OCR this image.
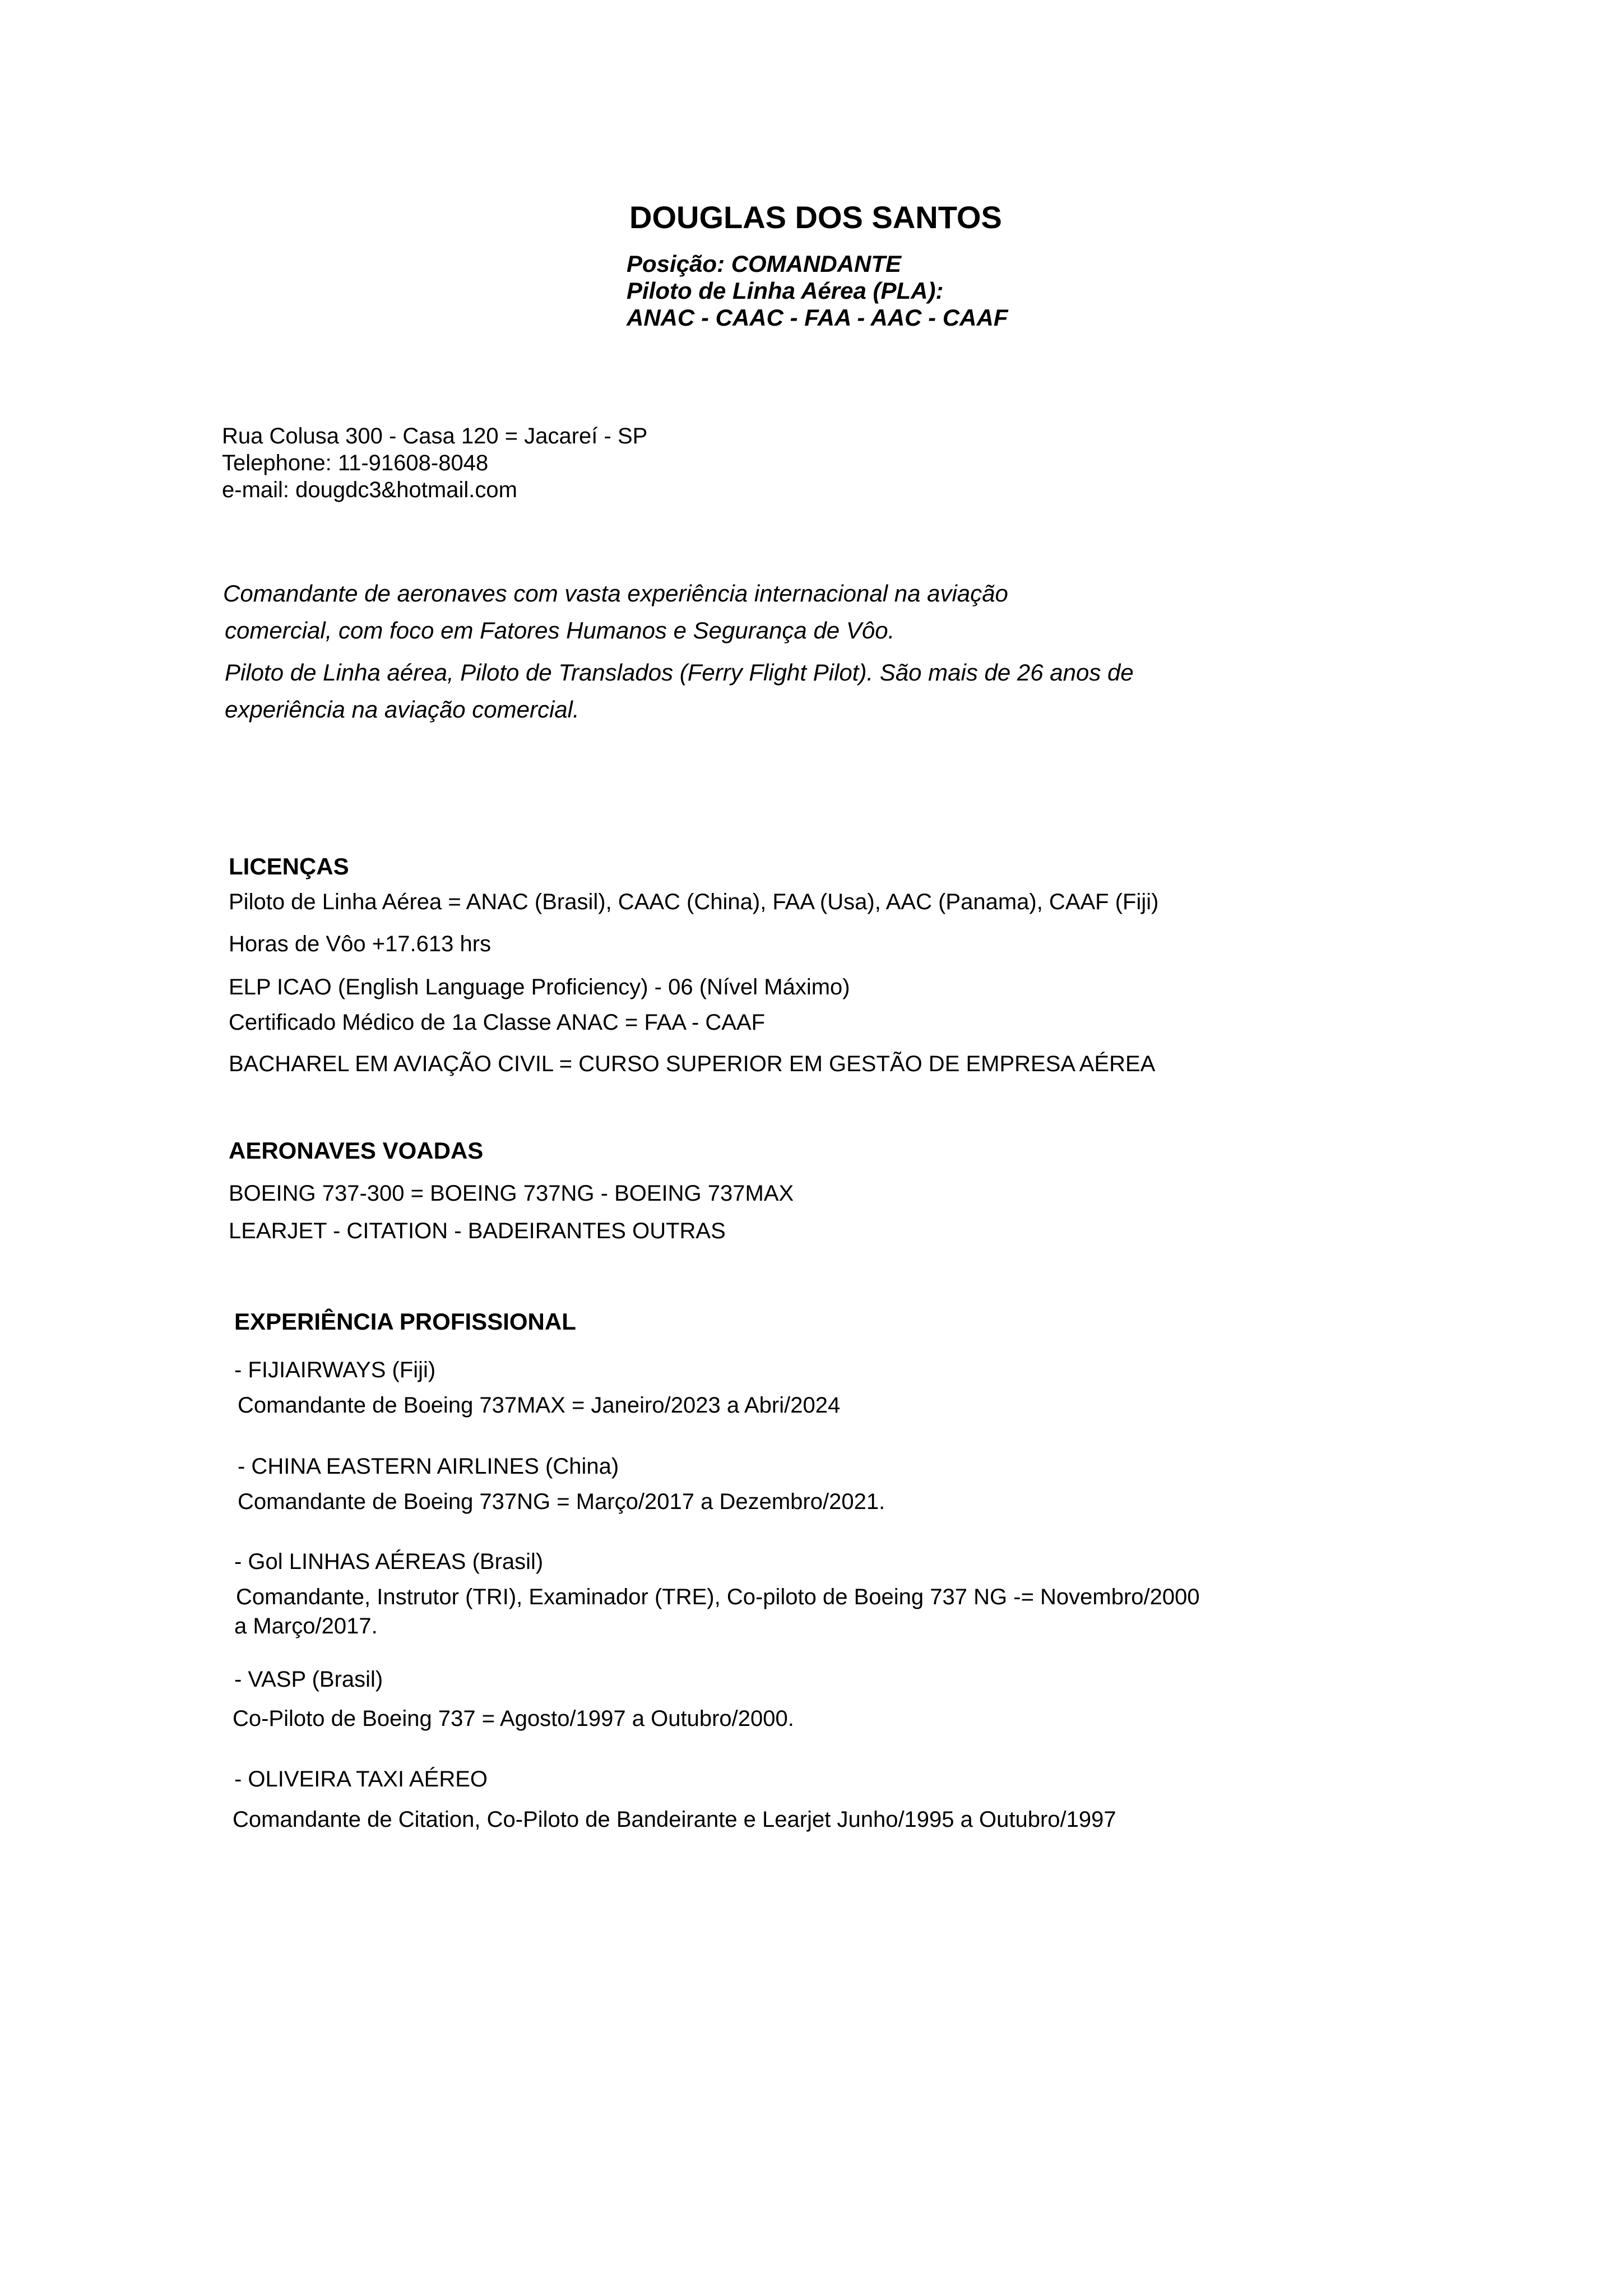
DOUGLAS DOS SANTOS
Posição: COMANDANTE
Piloto de Linha Aérea (PLA):
ANAC - CAAC - FAA - AAC - CAAF
Rua Colusa 300 - Casa 120 = Jacareí - SP
Telephone: 11-91608-8048
e-mail: dougdc3&hotmail.com
Comandante de aeronaves com vasta experiência internacional na aviação
comercial, com foco em Fatores Humanos e Segurança de Vôo.
Piloto de Linha aérea, Piloto de Translados (Ferry Flight Pilot). São mais de 26 anos de
experiência na aviação comercial.
LICENÇAS
Piloto de Linha Aérea = ANAC (Brasil), CAAC (China), FAA (Usa), AAC (Panama), CAAF (Fiji)
Horas de Vôo +17.613 hrs
ELP ICAO (English Language Proficiency) - 06 (Nível Máximo)
Certificado Médico de 1a Classe ANAC = FAA - CAAF
BACHAREL EM AVIAÇÃO CIVIL = CURSO SUPERIOR EM GESTÃO DE EMPRESA AÉREA
AERONAVES VOADAS
BOEING 737-300 = BOEING 737NG - BOEING 737MAX
LEARJET - CITATION - BADEIRANTES OUTRAS
EXPERIÊNCIA PROFISSIONAL
- FIJIAIRWAYS (Fiji)
Comandante de Boeing 737MAX = Janeiro/2023 a Abri/2024
- CHINA EASTERN AIRLINES (China)
Comandante de Boeing 737NG = Março/2017 a Dezembro/2021.
- Gol LINHAS AÉREAS (Brasil)
Comandante, Instrutor (TRI), Examinador (TRE), Co-piloto de Boeing 737 NG -= Novembro/2000
a Março/2017.
- VASP (Brasil)
Co-Piloto de Boeing 737 = Agosto/1997 a Outubro/2000.
- OLIVEIRA TAXI AÉREO
Comandante de Citation, Co-Piloto de Bandeirante e Learjet Junho/1995 a Outubro/1997
